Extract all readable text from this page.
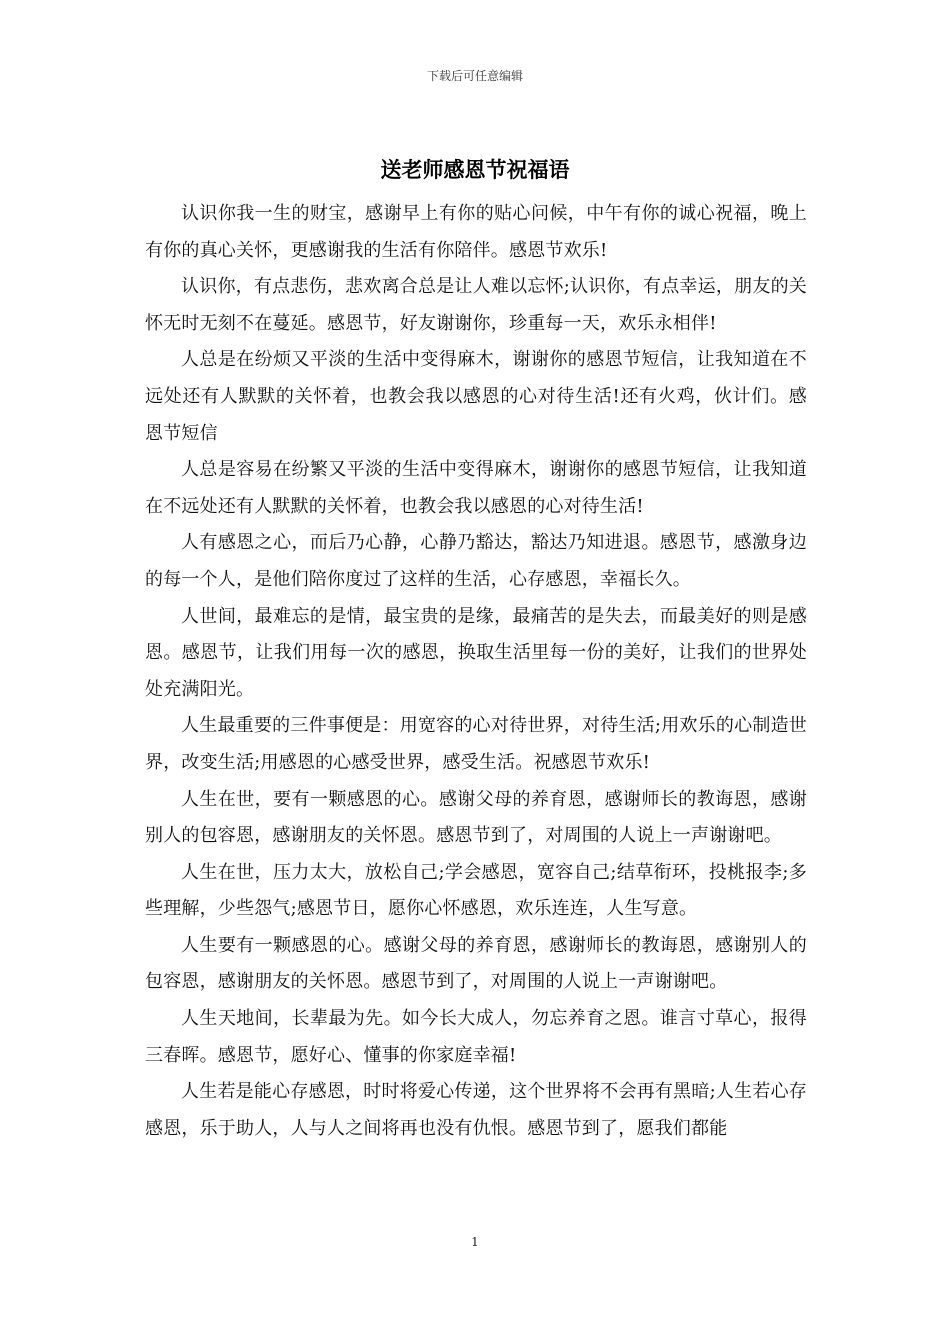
下载后可任意编辑
送老师感恩节祝福语

认识你我一生的财宝，感谢早上有你的贴心问候，中午有你的诚心祝福，晚上有你的真心关怀，更感谢我的生活有你陪伴。感恩节欢乐!

认识你，有点悲伤，悲欢离合总是让人难以忘怀;认识你，有点幸运，朋友的关怀无时无刻不在蔓延。感恩节，好友谢谢你，珍重每一天，欢乐永相伴!

人总是在纷烦又平淡的生活中变得麻木，谢谢你的感恩节短信，让我知道在不远处还有人默默的关怀着，也教会我以感恩的心对待生活!还有火鸡，伙计们。感恩节短信

人总是容易在纷繁又平淡的生活中变得麻木，谢谢你的感恩节短信，让我知道在不远处还有人默默的关怀着，也教会我以感恩的心对待生活!

人有感恩之心，而后乃心静，心静乃豁达，豁达乃知进退。感恩节，感激身边的每一个人，是他们陪你度过了这样的生活，心存感恩，幸福长久。

人世间，最难忘的是情，最宝贵的是缘，最痛苦的是失去，而最美好的则是感恩。感恩节，让我们用每一次的感恩，换取生活里每一份的美好，让我们的世界处处充满阳光。

人生最重要的三件事便是：用宽容的心对待世界，对待生活;用欢乐的心制造世界，改变生活;用感恩的心感受世界，感受生活。祝感恩节欢乐!

人生在世，要有一颗感恩的心。感谢父母的养育恩，感谢师长的教诲恩，感谢别人的包容恩，感谢朋友的关怀恩。感恩节到了，对周围的人说上一声谢谢吧。

人生在世，压力太大，放松自己;学会感恩，宽容自己;结草衔环，投桃报李;多些理解，少些怨气;感恩节日，愿你心怀感恩，欢乐连连，人生写意。

人生要有一颗感恩的心。感谢父母的养育恩，感谢师长的教诲恩，感谢别人的包容恩，感谢朋友的关怀恩。感恩节到了，对周围的人说上一声谢谢吧。

人生天地间，长辈最为先。如今长大成人，勿忘养育之恩。谁言寸草心，报得三春晖。感恩节，愿好心、懂事的你家庭幸福!

人生若是能心存感恩，时时将爱心传递，这个世界将不会再有黑暗;人生若心存感恩，乐于助人，人与人之间将再也没有仇恨。感恩节到了，愿我们都能

1
